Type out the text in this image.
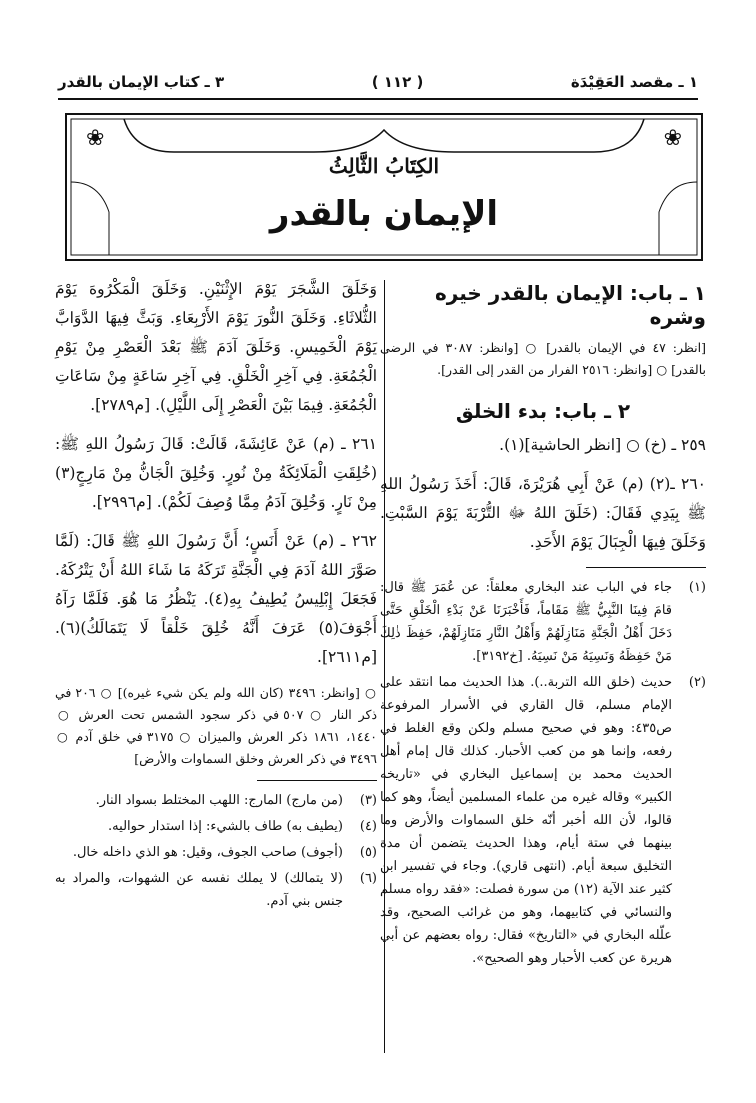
١ ـ مقصد العَقِيْدَة
( ١١٢ )
٣ ـ كتاب الإيمان بالقدر
❀
❀
الكِتَابُ الثَّالِثُ
الإيمان بالقدر
١ ـ باب: الإيمان بالقدر خيره وشره

[انظر: ٤٧ في الإيمان بالقدر] ○ [وانظر: ٣٠٨٧ في الرضى بالقدر] ○ [وانظر: ٢٥١٦ الفرار من القدر إلى القدر].

٢ ـ باب: بدء الخلق

٢٥٩ ـ (خ) ○ [انظر الحاشية](١).

٢٦٠ ـ(٢) (م) عَنْ أَبِي هُرَيْرَةَ، قَالَ: أَخَذَ رَسُولُ اللهِ ﷺ بِيَدِي فَقَالَ: (خَلَقَ اللهُ ﷻ التُّرْبَةَ يَوْمَ السَّبْتِ. وَخَلَقَ فِيهَا الْجِبَالَ يَوْمَ الأَحَدِ.

(١)
جاء في الباب عند البخاري معلقاً: عن عُمَرَ ﷺ قال: قامَ فِينَا النَّبِيُّ ﷺ مَقَاماً، فَأَخْبَرَنَا عَنْ بَدْءِ الْخَلْقِ حَتَّى دَخَلَ أَهْلُ الْجَنَّةِ مَنَازِلَهُمْ وَأَهْلُ النَّارِ مَنَازِلَهُمْ، حَفِظَ ذٰلِكَ مَنْ حَفِظَهُ وَنَسِيَهُ مَنْ نَسِيَهُ. [خ٣١٩٢].
(٢)
حديث (خلق الله التربة..). هذا الحديث مما انتقد على الإمام مسلم، قال القاري في الأسرار المرفوعة ص٤٣٥: وهو في صحيح مسلم ولكن وقع الغلط في رفعه، وإنما هو من كعب الأحبار. كذلك قال إمام أهل الحديث محمد بن إسماعيل البخاري في «تاريخه الكبير» وقاله غيره من علماء المسلمين أيضاً، وهو كما قالوا، لأن الله أخبر أنّه خلق السماوات والأرض وما بينهما في ستة أيام، وهذا الحديث يتضمن أن مدة التخليق سبعة أيام. (انتهى قاري). وجاء في تفسير ابن كثير عند الآية (١٢) من سورة فصلت: «فقد رواه مسلم والنسائي في كتابيهما، وهو من غرائب الصحيح، وقد علّله البخاري في «التاريخ» فقال: رواه بعضهم عن أبي هريرة عن كعب الأحبار وهو الصحيح».

وَخَلَقَ الشَّجَرَ يَوْمَ الإِثْنَيْنِ. وَخَلَقَ الْمَكْرُوهَ يَوْمَ الثُّلاثَاءِ. وَخَلَقَ النُّورَ يَوْمَ الأَرْبِعَاءِ. وَبَثَّ فِيهَا الدَّوَابَّ يَوْمَ الْخَمِيسِ. وَخَلَقَ آدَمَ ﷺ بَعْدَ الْعَصْرِ مِنْ يَوْمِ الْجُمُعَةِ. فِي آخِرِ الْخَلْقِ. فِي آخِرِ سَاعَةٍ مِنْ سَاعَاتِ الْجُمُعَةِ. فِيمَا بَيْنَ الْعَصْرِ إِلَى اللَّيْلِ). [م٢٧٨٩].

٢٦١ ـ (م) عَنْ عَائِشَةَ، قَالَتْ: قَالَ رَسُولُ اللهِ ﷺ: (خُلِقَتِ الْمَلَائِكَةُ مِنْ نُورٍ. وَخُلِقَ الْجَانُّ مِنْ مَارِجٍ(٣) مِنْ نَارٍ. وَخُلِقَ آدَمُ مِمَّا وُصِفَ لَكُمْ). [م٢٩٩٦].

٢٦٢ ـ (م) عَنْ أَنَسٍ؛ أَنَّ رَسُولَ اللهِ ﷺ قَالَ: (لَمَّا صَوَّرَ اللهُ آدَمَ فِي الْجَنَّةِ تَرَكَهُ مَا شَاءَ اللهُ أَنْ يَتْرُكَهُ. فَجَعَلَ إِبْلِيسُ يُطِيفُ بِهِ(٤). يَنْظُرُ مَا هُوَ. فَلَمَّا رَآهُ أَجْوَفَ(٥) عَرَفَ أَنَّهُ خُلِقَ خَلْقاً لَا يَتَمَالَكُ)(٦). [م٢٦١١].

○ [وانظر: ٣٤٩٦ (كان الله ولم يكن شيء غيره)] ○ ٢٠٦ في ذكر النار ○ ٥٠٧ في ذكر سجود الشمس تحت العرش ○ ١٤٤٠، ١٨٦١ ذكر العرش والميزان ○ ٣١٧٥ في خلق آدم ○ ٣٤٩٦ في ذكر العرش وخلق السماوات والأرض]

(٣)
(من مارج) المارج: اللهب المختلط بسواد النار.
(٤)
(يطيف به) طاف بالشيء: إذا استدار حواليه.
(٥)
(أجوف) صاحب الجوف، وقيل: هو الذي داخله خال.
(٦)
(لا يتمالك) لا يملك نفسه عن الشهوات، والمراد به جنس بني آدم.
